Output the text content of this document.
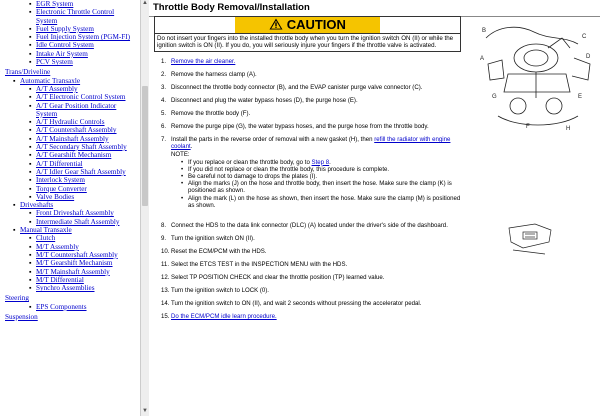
▪ EGR System
▪ Electronic Throttle Control System
▪ Fuel Supply System
▪ Fuel Injection System (PGM-FI)
▪ Idle Control System
▪ Intake Air System
▪ PCV System
Trans/Driveline
▪ Automatic Transaxle
▪ A/T Assembly
▪ A/T Electronic Control System
▪ A/T Gear Position Indicator System
▪ A/T Hydraulic Controls
▪ A/T Countershaft Assembly
▪ A/T Mainshaft Assembly
▪ A/T Secondary Shaft Assembly
▪ A/T Gearshift Mechanism
▪ A/T Differential
▪ A/T Idler Gear Shaft Assembly
▪ Interlock System
▪ Torque Converter
▪ Valve Bodies
▪ Driveshafts
▪ Front Driveshaft Assembly
▪ Intermediate Shaft Assembly
▪ Manual Transaxle
▪ Clutch
▪ M/T Assembly
▪ M/T Countershaft Assembly
▪ M/T Gearshift Mechanism
▪ M/T Mainshaft Assembly
▪ M/T Differential
▪ Synchro Assemblies
Steering
▪ EPS Components
Suspension
▲
▼
Throttle Body Removal/Installation
CAUTION
Do not insert your fingers into the installed throttle body when you turn the ignition switch ON (II) or while the ignition switch is ON (II). If you do, you will seriously injure your fingers if the throttle valve is activated.
1. Remove the air cleaner.
2. Remove the harness clamp (A).
3. Disconnect the throttle body connector (B), and the EVAP canister purge valve connector (C).
4. Disconnect and plug the water bypass hoses (D), the purge hose (E).
5. Remove the throttle body (F).
6. Remove the purge pipe (G), the water bypass hoses, and the purge hose from the throttle body.
7. Install the parts in the reverse order of removal with a new gasket (H), then refill the radiator with engine coolant.
NOTE:
• If you replace or clean the throttle body, go to Step 8.
• If you did not replace or clean the throttle body, this procedure is complete.
• Be careful not to damage to drops the plates (I).
• Align the marks (J) on the hose and throttle body, then insert the hose. Make sure the clamp (K) is positioned as shown.
• Align the mark (L) on the hose as shown, then insert the hose. Make sure the clamp (M) is positioned as shown.
B
C
A	D
F	H
G	E
8. Connect the HDS to the data link connector (DLC) (A) located under the driver's side of the dashboard.
9. Turn the ignition switch ON (II).
10. Reset the ECM/PCM with the HDS.
11. Select the ETCS TEST in the INSPECTION MENU with the HDS.
12. Select TP POSITION CHECK and clear the throttle position (TP) learned value.
13. Turn the ignition switch to LOCK (0).
14. Turn the ignition switch to ON (II), and wait 2 seconds without pressing the accelerator pedal.
15. Do the ECM/PCM idle learn procedure.
